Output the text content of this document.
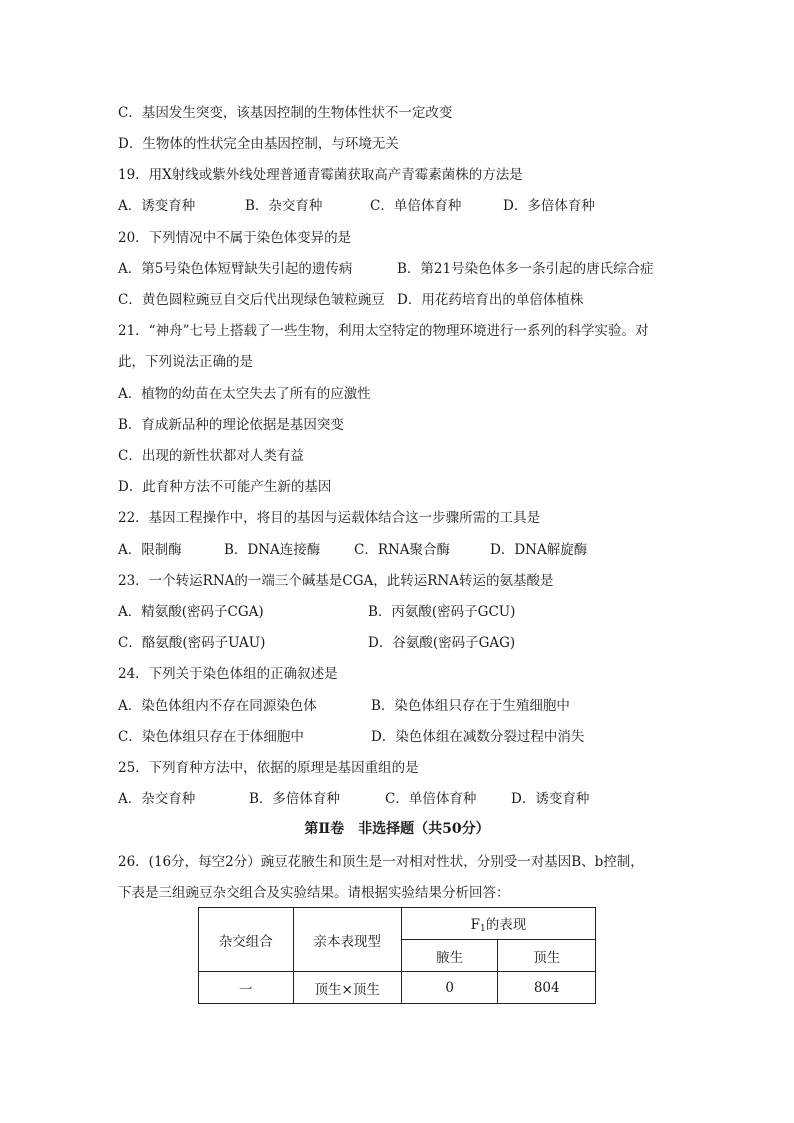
C．基因发生突变，该基因控制的生物体性状不一定改变
D．生物体的性状完全由基因控制，与环境无关
19．用X射线或紫外线处理普通青霉菌获取高产青霉素菌株的方法是
A．诱变育种	B．杂交育种	C．单倍体育种	D．多倍体育种
20．下列情况中不属于染色体变异的是
A．第5号染色体短臂缺失引起的遗传病	B．第21号染色体多一条引起的唐氏综合症
C．黄色圆粒豌豆自交后代出现绿色皱粒豌豆 D．用花药培育出的单倍体植株
21．“神舟”七号上搭载了一些生物，利用太空特定的物理环境进行一系列的科学实验。对
此，下列说法正确的是
A．植物的幼苗在太空失去了所有的应激性
B．育成新品种的理论依据是基因突变
C．出现的新性状都对人类有益
D．此育种方法不可能产生新的基因
22．基因工程操作中，将目的基因与运载体结合这一步骤所需的工具是
A．限制酶	B．DNA连接酶 C．RNA聚合酶	D．DNA解旋酶
23．一个转运RNA的一端三个碱基是CGA，此转运RNA转运的氨基酸是
A．精氨酸(密码子CGA)	B．丙氨酸(密码子GCU)
C．酪氨酸(密码子UAU)	D．谷氨酸(密码子GAG)
24．下列关于染色体组的正确叙述是
A．染色体组内不存在同源染色体	B．染色体组只存在于生殖细胞中
C．染色体组只存在于体细胞中	D．染色体组在减数分裂过程中消失
25．下列育种方法中，依据的原理是基因重组的是
A．杂交育种	B．多倍体育种	C．单倍体育种	D．诱变育种
第Ⅱ卷　非选择题（共50分）
26．(16分，每空2分）豌豆花腋生和顶生是一对相对性状，分别受一对基因B、b控制，
下表是三组豌豆杂交组合及实验结果。请根据实验结果分析回答：
杂交组合	亲本表现型	$F_1$的表现	
		腋生	顶生
一	顶生×顶生	0	804
